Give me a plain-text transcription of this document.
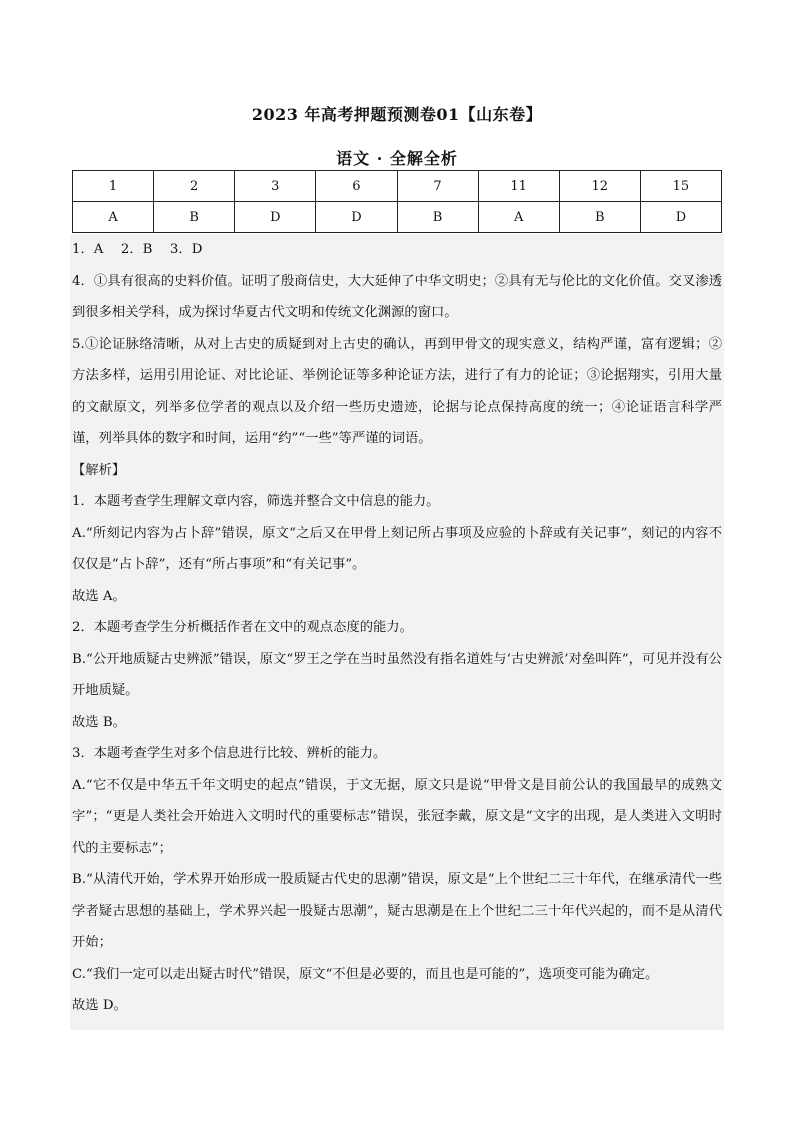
2023 年高考押题预测卷01【山东卷】
语文 · 全解全析
1	2	3	6	7	11	12	15
A	B	D	D	B	A	B	D

1．A　 2．B　 3．D

4．①具有很高的史料价值。证明了殷商信史，大大延伸了中华文明史；②具有无与伦比的文化价值。交叉渗透到很多相关学科，成为探讨华夏古代文明和传统文化渊源的窗口。

5.①论证脉络清晰，从对上古史的质疑到对上古史的确认，再到甲骨文的现实意义，结构严谨，富有逻辑；②方法多样，运用引用论证、对比论证、举例论证等多种论证方法，进行了有力的论证；③论据翔实，引用大量的文献原文，列举多位学者的观点以及介绍一些历史遗迹，论据与论点保持高度的统一；④论证语言科学严谨，列举具体的数字和时间，运用“约”“一些”等严谨的词语。

【解析】

1．本题考查学生理解文章内容，筛选并整合文中信息的能力。

A.“所刻记内容为占卜辞”错误，原文“之后又在甲骨上刻记所占事项及应验的卜辞或有关记事”，刻记的内容不仅仅是“占卜辞”，还有“所占事项”和“有关记事”。

故选 A。

2．本题考查学生分析概括作者在文中的观点态度的能力。

B.“公开地质疑古史辨派”错误，原文“罗王之学在当时虽然没有指名道姓与‘古史辨派’对垒叫阵”，可见并没有公开地质疑。

故选 B。

3．本题考查学生对多个信息进行比较、辨析的能力。

A.“它不仅是中华五千年文明史的起点”错误，于文无据，原文只是说“甲骨文是目前公认的我国最早的成熟文字”；“更是人类社会开始进入文明时代的重要标志”错误，张冠李戴，原文是“文字的出现，是人类进入文明时代的主要标志”；

B.“从清代开始，学术界开始形成一股质疑古代史的思潮”错误，原文是“上个世纪二三十年代，在继承清代一些学者疑古思想的基础上，学术界兴起一股疑古思潮”，疑古思潮是在上个世纪二三十年代兴起的，而不是从清代开始；

C.“我们一定可以走出疑古时代”错误，原文“不但是必要的，而且也是可能的”，选项变可能为确定。

故选 D。
